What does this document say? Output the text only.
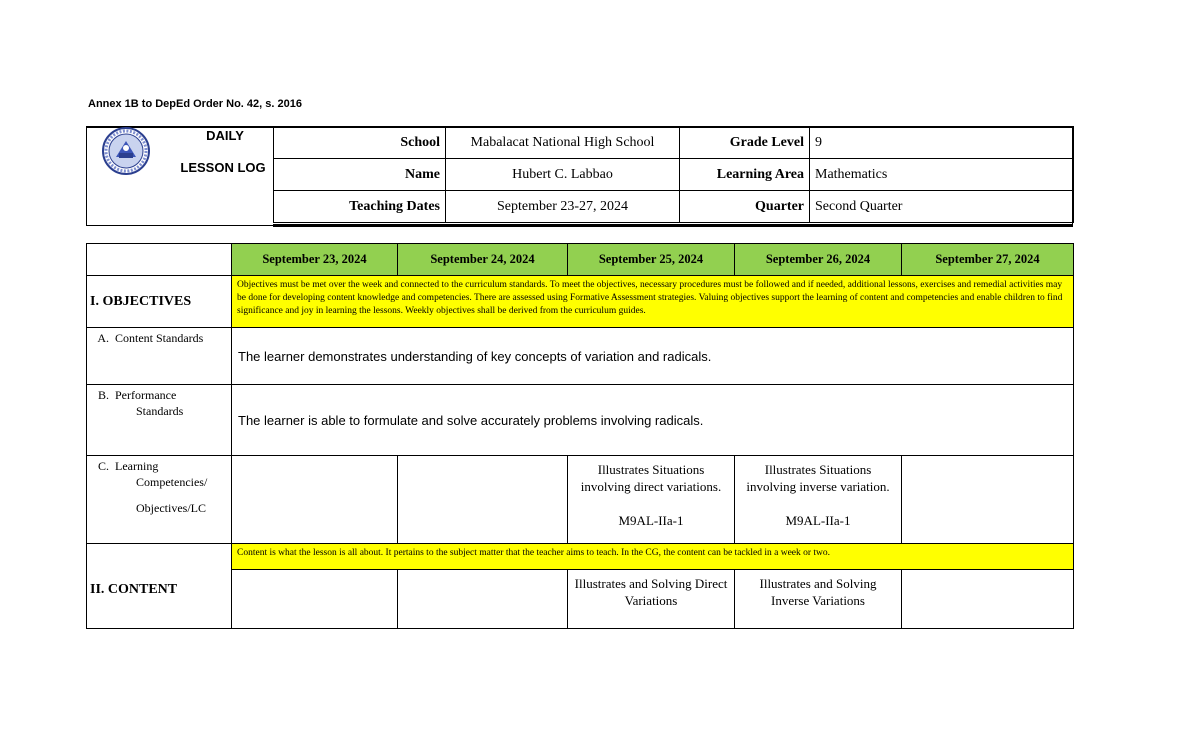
Annex 1B to DepEd Order No. 42, s. 2016
DAILY
LESSON LOG
School	Mabalacat National High School	Grade Level	9
Name	Hubert C. Labbao	Learning Area	Mathematics
Teaching Dates	September 23-27, 2024	Quarter	Second Quarter
	September 23, 2024	September 24, 2024	September 25, 2024	September 26, 2024	September 27, 2024
I. OBJECTIVES	Objectives must be met over the week and connected to the curriculum standards. To meet the objectives, necessary procedures must be followed and if needed, additional lessons, exercises and remedial activities may be done for developing content knowledge and competencies. There are assessed using Formative Assessment strategies. Valuing objectives support the learning of content and competencies and enable children to find significance and joy in learning the lessons. Weekly objectives shall be derived from the curriculum guides.				
A. Content Standards	The learner demonstrates understanding of key concepts of variation and radicals.				
B. Performance
Standards	The learner is able to formulate and solve accurately problems involving radicals.				
C. Learning
Competencies/

Objectives/LC			Illustrates Situations
involving direct variations.

M9AL-IIa-1	Illustrates Situations
involving inverse variation.

M9AL-IIa-1	
II. CONTENT	Content is what the lesson is all about. It pertains to the subject matter that the teacher aims to teach. In the CG, the content can be tackled in a week or two.				
			Illustrates and Solving Direct
Variations	Illustrates and Solving
Inverse Variations	
